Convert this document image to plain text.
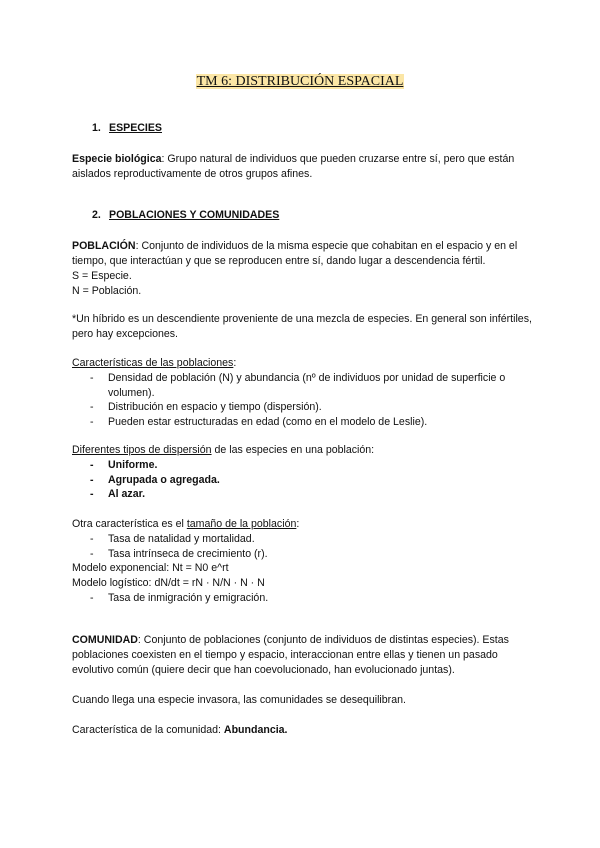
TM 6: DISTRIBUCIÓN ESPACIAL
1. ESPECIES
Especie biológica: Grupo natural de individuos que pueden cruzarse entre sí, pero que están aislados reproductivamente de otros grupos afines.
2. POBLACIONES Y COMUNIDADES
POBLACIÓN: Conjunto de individuos de la misma especie que cohabitan en el espacio y en el tiempo, que interactúan y que se reproducen entre sí, dando lugar a descendencia fértil.
S = Especie.
N = Población.
*Un híbrido es un descendiente proveniente de una mezcla de especies. En general son infértiles, pero hay excepciones.
Características de las poblaciones:
- Densidad de población (N) y abundancia (nº de individuos por unidad de superficie o volumen).
- Distribución en espacio y tiempo (dispersión).
- Pueden estar estructuradas en edad (como en el modelo de Leslie).
Diferentes tipos de dispersión de las especies en una población:
- Uniforme.
- Agrupada o agregada.
- Al azar.
Otra característica es el tamaño de la población:
- Tasa de natalidad y mortalidad.
- Tasa intrínseca de crecimiento (r).
Modelo exponencial: Nt = N0 e^rt
Modelo logístico: dN/dt = rN · N/N · N · N
- Tasa de inmigración y emigración.
COMUNIDAD: Conjunto de poblaciones (conjunto de individuos de distintas especies). Estas poblaciones coexisten en el tiempo y espacio, interaccionan entre ellas y tienen un pasado evolutivo común (quiere decir que han coevolucionado, han evolucionado juntas).
Cuando llega una especie invasora, las comunidades se desequilibran.
Característica de la comunidad: Abundancia.
